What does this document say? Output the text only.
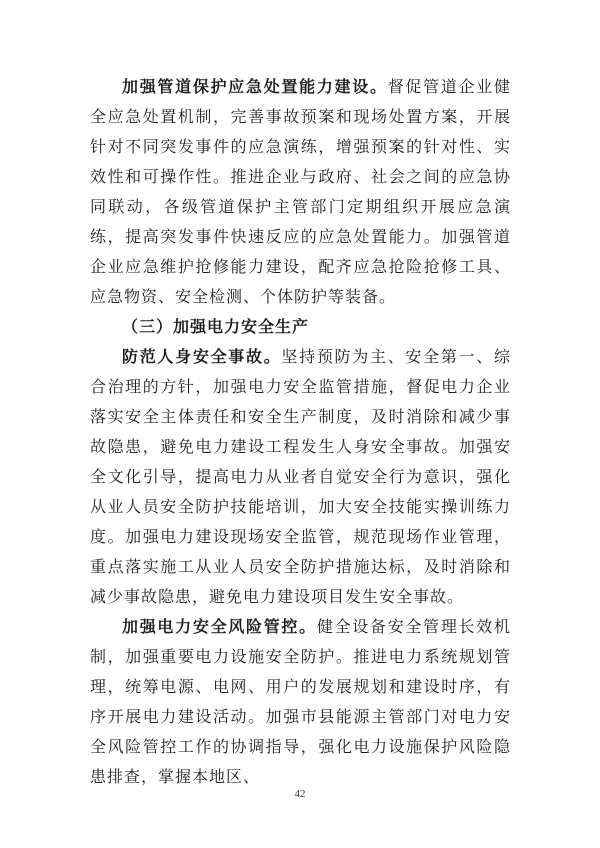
加强管道保护应急处置能力建设。督促管道企业健全应急处置机制，完善事故预案和现场处置方案，开展针对不同突发事件的应急演练，增强预案的针对性、实效性和可操作性。推进企业与政府、社会之间的应急协同联动，各级管道保护主管部门定期组织开展应急演练，提高突发事件快速反应的应急处置能力。加强管道企业应急维护抢修能力建设，配齐应急抢险抢修工具、应急物资、安全检测、个体防护等装备。

（三）加强电力安全生产

防范人身安全事故。坚持预防为主、安全第一、综合治理的方针，加强电力安全监管措施，督促电力企业落实安全主体责任和安全生产制度，及时消除和减少事故隐患，避免电力建设工程发生人身安全事故。加强安全文化引导，提高电力从业者自觉安全行为意识，强化从业人员安全防护技能培训，加大安全技能实操训练力度。加强电力建设现场安全监管，规范现场作业管理，重点落实施工从业人员安全防护措施达标，及时消除和减少事故隐患，避免电力建设项目发生安全事故。

加强电力安全风险管控。健全设备安全管理长效机制，加强重要电力设施安全防护。推进电力系统规划管理，统筹电源、电网、用户的发展规划和建设时序，有序开展电力建设活动。加强市县能源主管部门对电力安全风险管控工作的协调指导，强化电力设施保护风险隐患排查，掌握本地区、

42
